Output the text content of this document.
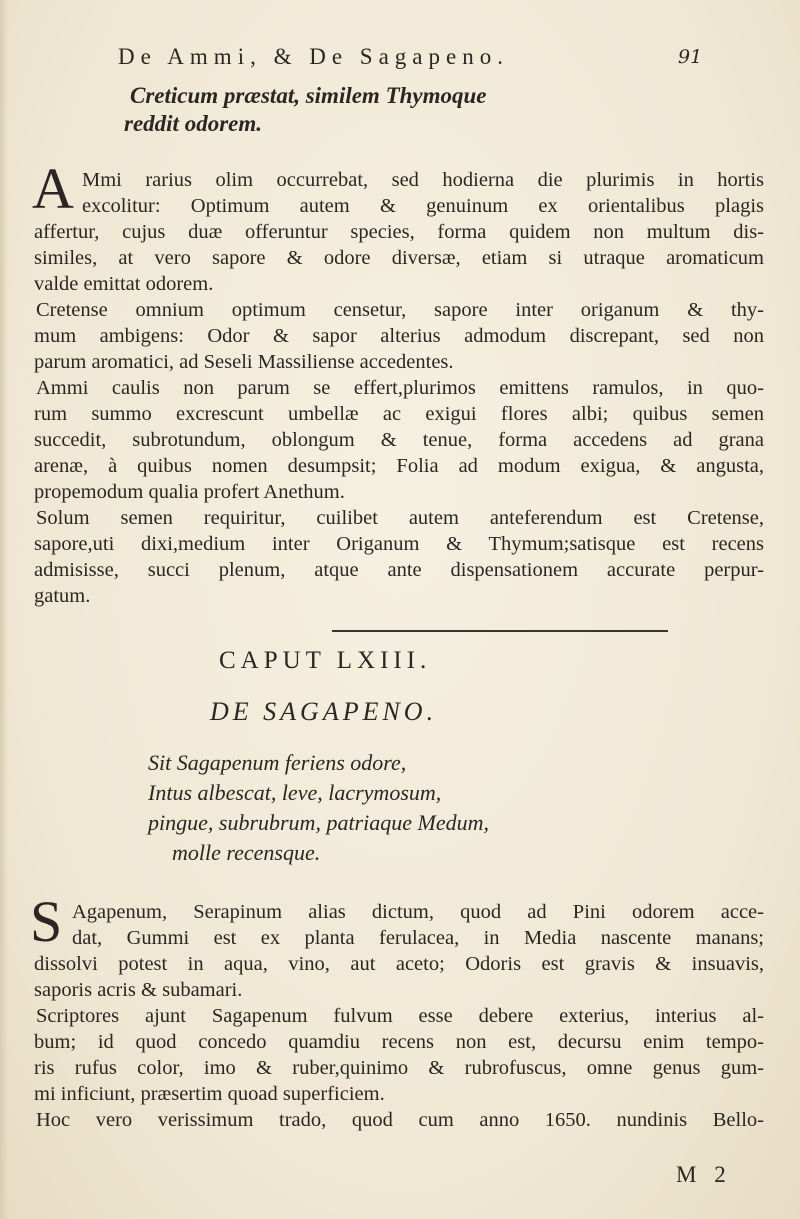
De Ammi, & De Sagapeno.	91
Creticum præstat, similem Thymoque
reddit odorem.
A Mmi rarius olim occurrebat, sed hodierna die plurimis in hortis
excolitur: Optimum autem & genuinum ex orientalibus plagis
affertur, cujus duæ offeruntur species, forma quidem non multum dis-
similes, at vero sapore & odore diversæ, etiam si utraque aromaticum
valde emittat odorem.
Cretense omnium optimum censetur, sapore inter origanum & thy-
mum ambigens: Odor & sapor alterius admodum discrepant, sed non
parum aromatici, ad Seseli Massiliense accedentes.
Ammi caulis non parum se effert,plurimos emittens ramulos, in quo-
rum summo excrescunt umbellæ ac exigui flores albi; quibus semen
succedit, subrotundum, oblongum & tenue, forma accedens ad grana
arenæ, à quibus nomen desumpsit; Folia ad modum exigua, & angusta,
propemodum qualia profert Anethum.
Solum semen requiritur, cuilibet autem anteferendum est Cretense,
sapore,uti dixi,medium inter Origanum & Thymum;satisque est recens
admisisse, succi plenum, atque ante dispensationem accurate perpur-
gatum.
CAPUT LXIII.
DE SAGAPENO.
Sit Sagapenum feriens odore,
Intus albescat, leve, lacrymosum,
pingue, subrubrum, patriaque Medum,
molle recensque.
S Agapenum, Serapinum alias dictum, quod ad Pini odorem acce-
dat, Gummi est ex planta ferulacea, in Media nascente manans;
dissolvi potest in aqua, vino, aut aceto; Odoris est gravis & insuavis,
saporis acris & subamari.
Scriptores ajunt Sagapenum fulvum esse debere exterius, interius al-
bum; id quod concedo quamdiu recens non est, decursu enim tempo-
ris rufus color, imo & ruber,quinimo & rubrofuscus, omne genus gum-
mi inficiunt, præsertim quoad superficiem.
Hoc vero verissimum trado, quod cum anno 1650. nundinis Bello-
M 2
